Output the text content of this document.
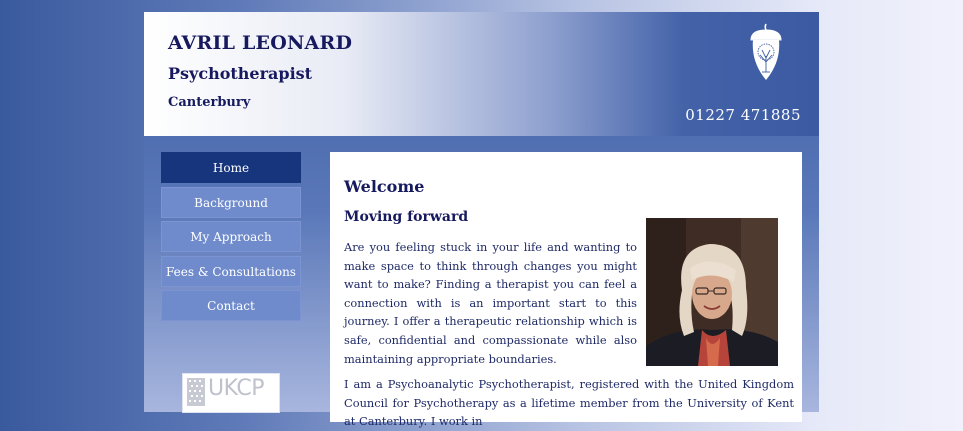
AVRIL LEONARD
Psychotherapist
Canterbury
01227 471885
Home
Background
My Approach
Fees & Consultations
Contact
UKCP
Welcome
Moving forward

Are you feeling stuck in your life and wanting to make space to think through changes you might want to make? Finding a therapist you can feel a connection with is an important start to this journey. I offer a therapeutic relationship which is safe, confidential and compassionate while also maintaining appropriate boundaries.

I am a Psychoanalytic Psychotherapist, registered with the United Kingdom Council for Psychotherapy as a lifetime member from the University of Kent at Canterbury. I work in
